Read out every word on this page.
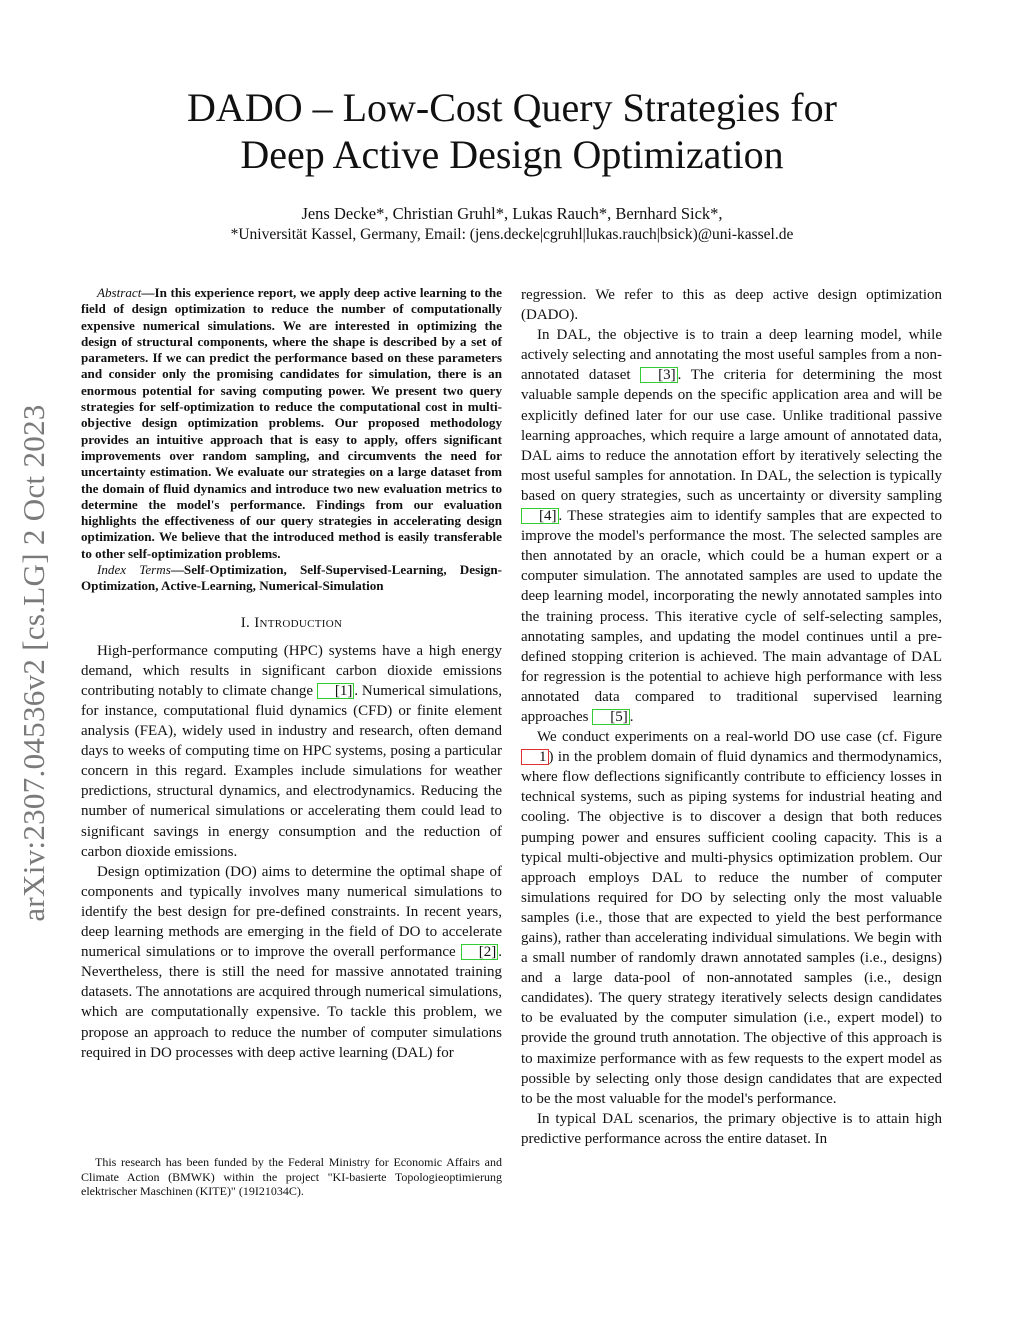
arXiv:2307.04536v2 [cs.LG] 2 Oct 2023
DADO – Low-Cost Query Strategies for
Deep Active Design Optimization
Jens Decke*, Christian Gruhl*, Lukas Rauch*, Bernhard Sick*,
*Universität Kassel, Germany, Email: (jens.decke|cgruhl|lukas.rauch|bsick)@uni-kassel.de

Abstract—In this experience report, we apply deep active learning to the field of design optimization to reduce the number of computationally expensive numerical simulations. We are interested in optimizing the design of structural components, where the shape is described by a set of parameters. If we can predict the performance based on these parameters and consider only the promising candidates for simulation, there is an enormous potential for saving computing power. We present two query strategies for self-optimization to reduce the computational cost in multi-objective design optimization problems. Our proposed methodology provides an intuitive approach that is easy to apply, offers significant improvements over random sampling, and circumvents the need for uncertainty estimation. We evaluate our strategies on a large dataset from the domain of fluid dynamics and introduce two new evaluation metrics to determine the model's performance. Findings from our evaluation highlights the effectiveness of our query strategies in accelerating design optimization. We believe that the introduced method is easily transferable to other self-optimization problems.

Index Terms—Self-Optimization, Self-Supervised-Learning, Design-Optimization, Active-Learning, Numerical-Simulation

I. Introduction

High-performance computing (HPC) systems have a high energy demand, which results in significant carbon dioxide emissions contributing notably to climate change [1] . Numerical simulations, for instance, computational fluid dynamics (CFD) or finite element analysis (FEA), widely used in industry and research, often demand days to weeks of computing time on HPC systems, posing a particular concern in this regard. Examples include simulations for weather predictions, structural dynamics, and electrodynamics. Reducing the number of numerical simulations or accelerating them could lead to significant savings in energy consumption and the reduction of carbon dioxide emissions.

Design optimization (DO) aims to determine the optimal shape of components and typically involves many numerical simulations to identify the best design for pre-defined constraints. In recent years, deep learning methods are emerging in the field of DO to accelerate numerical simulations or to improve the overall performance [2] . Nevertheless, there is still the need for massive annotated training datasets. The annotations are acquired through numerical simulations, which are computationally expensive. To tackle this problem, we propose an approach to reduce the number of computer simulations required in DO processes with deep active learning (DAL) for

This research has been funded by the Federal Ministry for Economic Affairs and Climate Action (BMWK) within the project "KI-basierte Topologieoptimierung elektrischer Maschinen (KITE)" (19I21034C).

regression. We refer to this as deep active design optimization (DADO).

In DAL, the objective is to train a deep learning model, while actively selecting and annotating the most useful samples from a non-annotated dataset [3] . The criteria for determining the most valuable sample depends on the specific application area and will be explicitly defined later for our use case. Unlike traditional passive learning approaches, which require a large amount of annotated data, DAL aims to reduce the annotation effort by iteratively selecting the most useful samples for annotation. In DAL, the selection is typically based on query strategies, such as uncertainty or diversity sampling [4] . These strategies aim to identify samples that are expected to improve the model's performance the most. The selected samples are then annotated by an oracle, which could be a human expert or a computer simulation. The annotated samples are used to update the deep learning model, incorporating the newly annotated samples into the training process. This iterative cycle of self-selecting samples, annotating samples, and updating the model continues until a pre-defined stopping criterion is achieved. The main advantage of DAL for regression is the potential to achieve high performance with less annotated data compared to traditional supervised learning approaches [5] .

We conduct experiments on a real-world DO use case (cf. Figure 1 ) in the problem domain of fluid dynamics and thermodynamics, where flow deflections significantly contribute to efficiency losses in technical systems, such as piping systems for industrial heating and cooling. The objective is to discover a design that both reduces pumping power and ensures sufficient cooling capacity. This is a typical multi-objective and multi-physics optimization problem. Our approach employs DAL to reduce the number of computer simulations required for DO by selecting only the most valuable samples (i.e., those that are expected to yield the best performance gains), rather than accelerating individual simulations. We begin with a small number of randomly drawn annotated samples (i.e., designs) and a large data-pool of non-annotated samples (i.e., design candidates). The query strategy iteratively selects design candidates to be evaluated by the computer simulation (i.e., expert model) to provide the ground truth annotation. The objective of this approach is to maximize performance with as few requests to the expert model as possible by selecting only those design candidates that are expected to be the most valuable for the model's performance.

In typical DAL scenarios, the primary objective is to attain high predictive performance across the entire dataset. In
